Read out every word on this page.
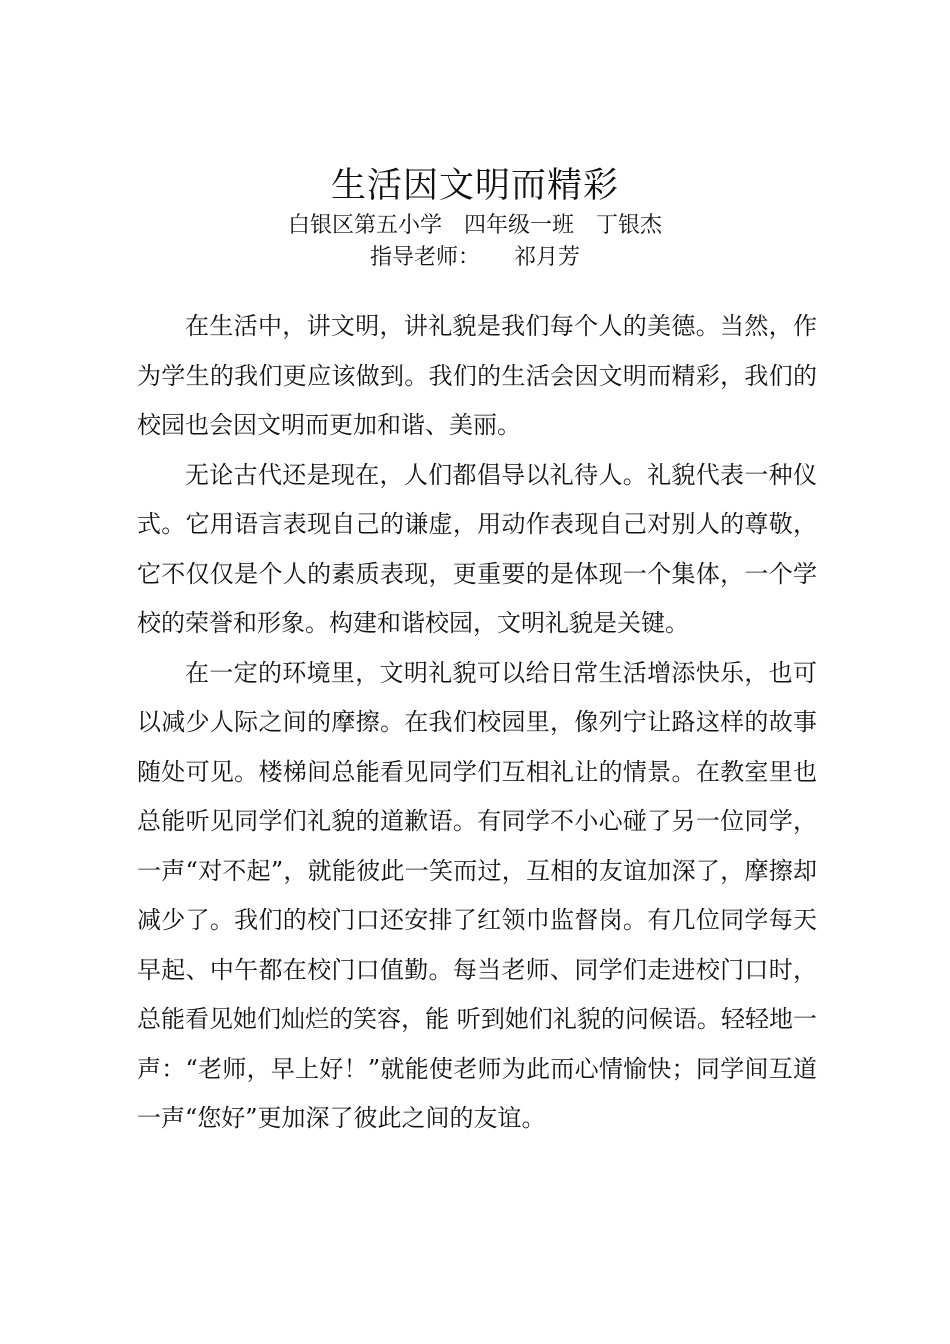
生活因文明而精彩
白银区第五小学 四年级一班 丁银杰
指导老师： 祁月芳

在生活中，讲文明，讲礼貌是我们每个人的美德。当然，作为学生的我们更应该做到。我们的生活会因文明而精彩，我们的校园也会因文明而更加和谐、美丽。

无论古代还是现在，人们都倡导以礼待人。礼貌代表一种仪式。它用语言表现自己的谦虚，用动作表现自己对别人的尊敬，它不仅仅是个人的素质表现，更重要的是体现一个集体，一个学校的荣誉和形象。构建和谐校园，文明礼貌是关键。

在一定的环境里，文明礼貌可以给日常生活增添快乐，也可以减少人际之间的摩擦。在我们校园里，像列宁让路这样的故事随处可见。楼梯间总能看见同学们互相礼让的情景。在教室里也总能听见同学们礼貌的道歉语。有同学不小心碰了另一位同学，一声“对不起”，就能彼此一笑而过，互相的友谊加深了，摩擦却减少了。我们的校门口还安排了红领巾监督岗。有几位同学每天早起、中午都在校门口值勤。每当老师、同学们走进校门口时，总能看见她们灿烂的笑容，能 听到她们礼貌的问候语。轻轻地一声：“老师，早上好！”就能使老师为此而心情愉快；同学间互道一声“您好”更加深了彼此之间的友谊。
